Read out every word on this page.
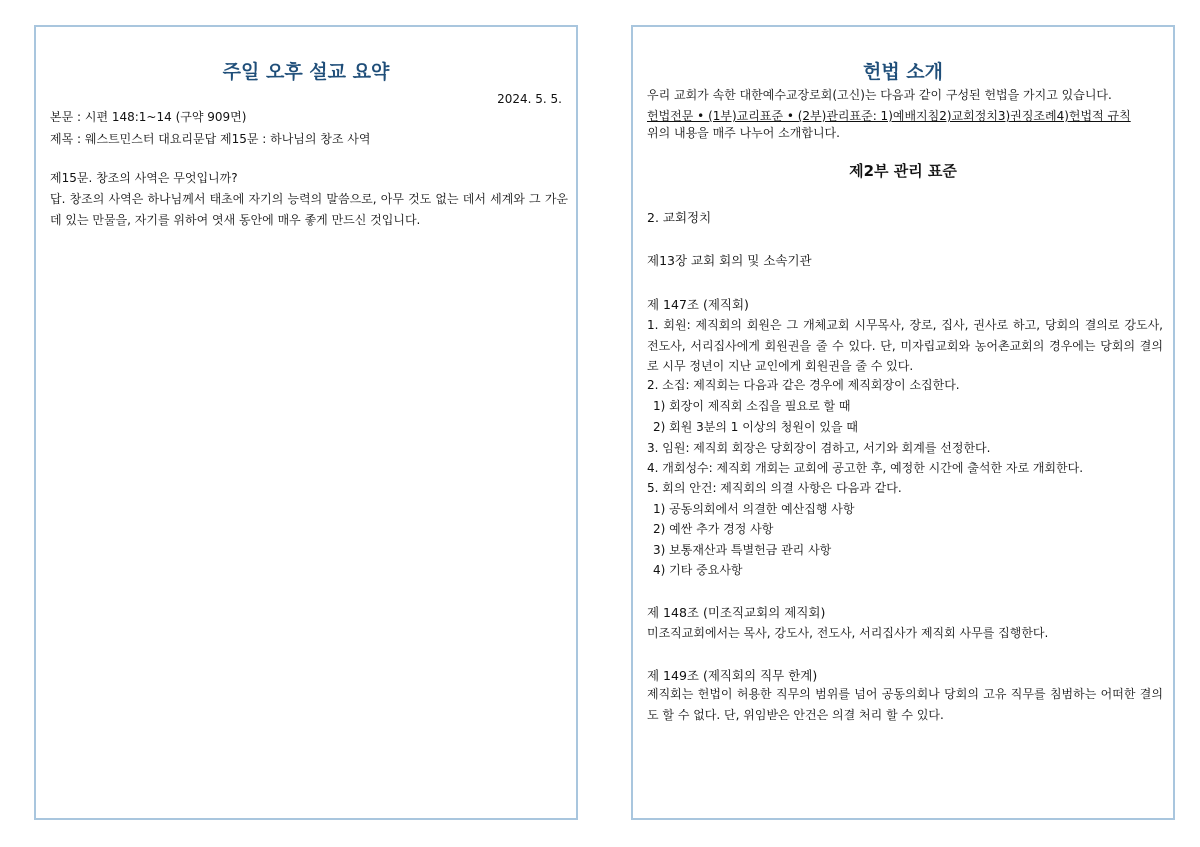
주일 오후 설교 요약
2024. 5. 5.
본문 : 시편 148:1~14 (구약 909면)
제목 : 웨스트민스터 대요리문답 제15문 : 하나님의 창조 사역
제15문. 창조의 사역은 무엇입니까?
답. 창조의 사역은 하나님께서 태초에 자기의 능력의 말씀으로, 아무 것도 없는 데서 세계와 그 가운데 있는 만물을, 자기를 위하여 엿새 동안에 매우 좋게 만드신 것입니다.
헌법 소개
우리 교회가 속한 대한예수교장로회(고신)는 다음과 같이 구성된 헌법을 가지고 있습니다.
헌법전문 • (1부)교리표준 • (2부)관리표준: 1)예배지침2)교회정치3)권징조례4)헌법적 규칙
위의 내용을 매주 나누어 소개합니다.
제2부 관리 표준
2. 교회정치
제13장 교회 회의 및 소속기관
제 147조 (제직회)
1. 회원: 제직회의 회원은 그 개체교회 시무목사, 장로, 집사, 권사로 하고, 당회의 결의로 강도사, 전도사, 서리집사에게 회원권을 줄 수 있다. 단, 미자립교회와 농어촌교회의 경우에는 당회의 결의로 시무 정년이 지난 교인에게 회원권을 줄 수 있다.
2. 소집: 제직회는 다음과 같은 경우에 제직회장이 소집한다.
1) 회장이 제직회 소집을 필요로 할 때
2) 회원 3분의 1 이상의 청원이 있을 때
3. 임원: 제직회 회장은 당회장이 겸하고, 서기와 회계를 선정한다.
4. 개회성수: 제직회 개회는 교회에 공고한 후, 예정한 시간에 출석한 자로 개회한다.
5. 회의 안건: 제직회의 의결 사항은 다음과 같다.
1) 공동의회에서 의결한 예산집행 사항
2) 예싼 추가 경정 사항
3) 보통재산과 특별헌금 관리 사항
4) 기타 중요사항
제 148조 (미조직교회의 제직회)
미조직교회에서는 목사, 강도사, 전도사, 서리집사가 제직회 사무를 집행한다.
제 149조 (제직회의 직무 한계)
제직회는 헌법이 허용한 직무의 범위를 넘어 공동의회나 당회의 고유 직무를 침범하는 어떠한 결의도 할 수 없다. 단, 위임받은 안건은 의결 처리 할 수 있다.
